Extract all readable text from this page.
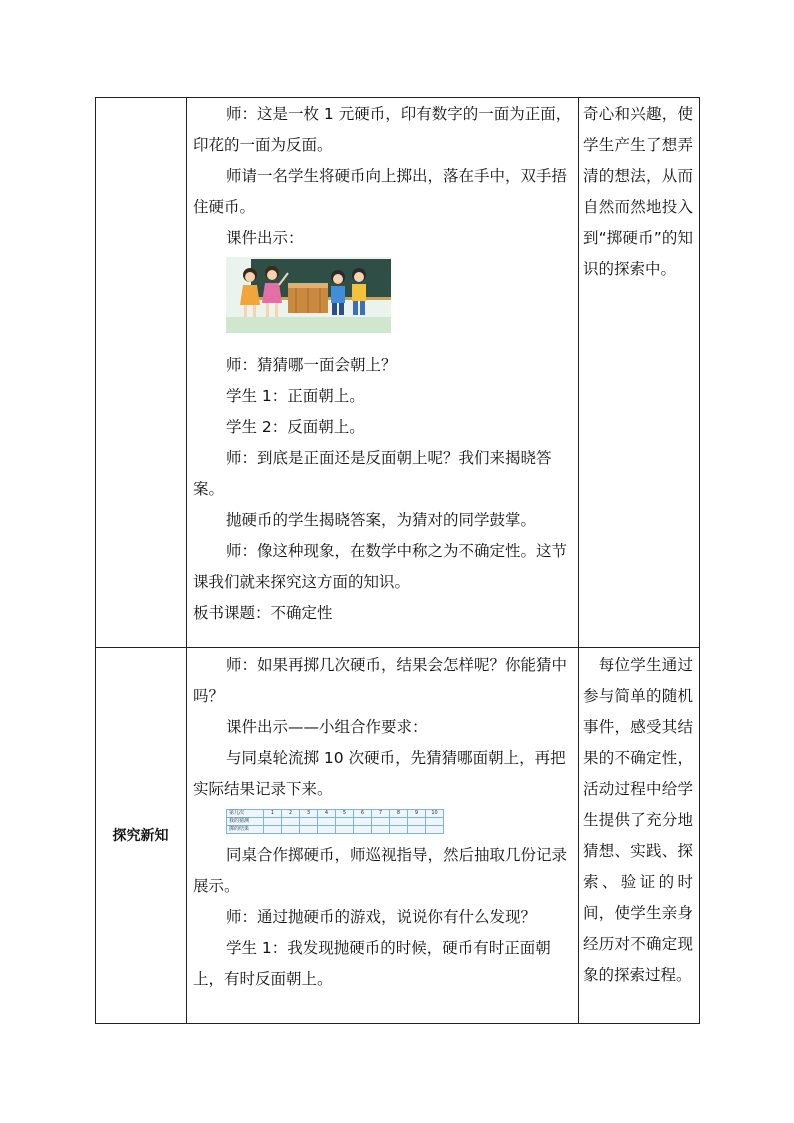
师：这是一枚 1 元硬币，印有数字的一面为正面，印花的一面为反面。

师请一名学生将硬币向上掷出，落在手中，双手捂住硬币。

课件出示：

师：猜猜哪一面会朝上？

学生 1：正面朝上。

学生 2：反面朝上。

师：到底是正面还是反面朝上呢？我们来揭晓答案。

抛硬币的学生揭晓答案，为猜对的同学鼓掌。

师：像这种现象，在数学中称之为不确定性。这节课我们就来探究这方面的知识。

板书课题：不确定性

奇心和兴趣，使学生产生了想弄清的想法，从而自然而然地投入到“掷硬币”的知识的探索中。
探究新知

师：如果再掷几次硬币，结果会怎样呢？你能猜中吗？

课件出示——小组合作要求：

与同桌轮流掷 10 次硬币，先猜猜哪面朝上，再把实际结果记录下来。

第几次	1	2	3	4	5	6	7	8	9	10
我的猜测										
掷的结果										

同桌合作掷硬币，师巡视指导，然后抽取几份记录展示。

师：通过抛硬币的游戏，说说你有什么发现？

学生 1：我发现抛硬币的时候，硬币有时正面朝上，有时反面朝上。

　每位学生通过参与简单的随机事件，感受其结果的不确定性，活动过程中给学生提供了充分地猜想、实践、探索、验证的时间，使学生亲身经历对不确定现象的探索过程。
